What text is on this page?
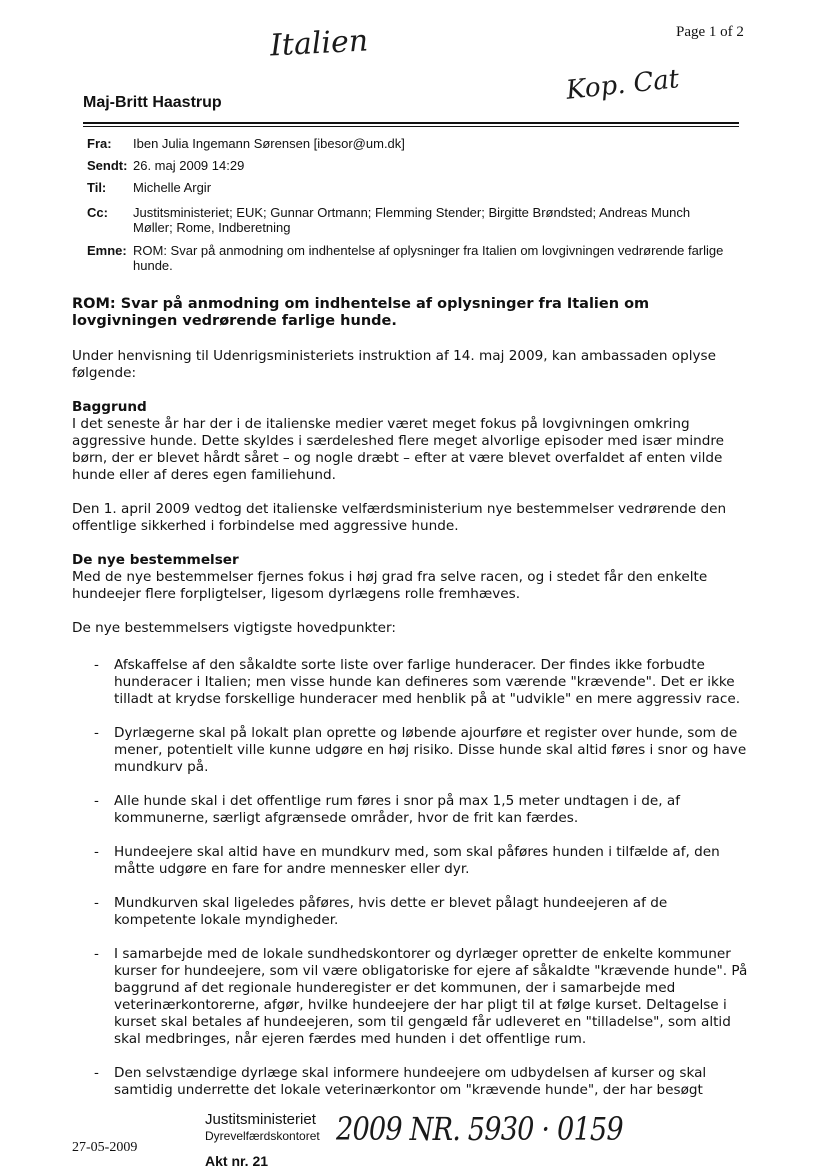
Italien	Page 1 of 2
Kop. Cat
Maj-Britt Haastrup
Fra: Iben Julia Ingemann Sørensen [ibesor@um.dk]
Sendt: 26. maj 2009 14:29
Til: Michelle Argir
Cc: Justitsministeriet; EUK; Gunnar Ortmann; Flemming Stender; Birgitte Brøndsted; Andreas Munch Møller; Rome, Indberetning
Emne: ROM: Svar på anmodning om indhentelse af oplysninger fra Italien om lovgivningen vedrørende farlige hunde.
ROM: Svar på anmodning om indhentelse af oplysninger fra Italien om lovgivningen vedrørende farlige hunde.

Under henvisning til Udenrigsministeriets instruktion af 14. maj 2009, kan ambassaden oplyse følgende:

Baggrund
I det seneste år har der i de italienske medier været meget fokus på lovgivningen omkring aggressive hunde. Dette skyldes i særdeleshed flere meget alvorlige episoder med især mindre børn, der er blevet hårdt såret – og nogle dræbt – efter at være blevet overfaldet af enten vilde hunde eller af deres egen familiehund.

Den 1. april 2009 vedtog det italienske velfærdsministerium nye bestemmelser vedrørende den offentlige sikkerhed i forbindelse med aggressive hunde.

De nye bestemmelser
Med de nye bestemmelser fjernes fokus i høj grad fra selve racen, og i stedet får den enkelte hundeejer flere forpligtelser, ligesom dyrlægens rolle fremhæves.

De nye bestemmelsers vigtigste hovedpunkter:

- Afskaffelse af den såkaldte sorte liste over farlige hunderacer. Der findes ikke forbudte hunderacer i Italien; men visse hunde kan defineres som værende "krævende". Det er ikke tilladt at krydse forskellige hunderacer med henblik på at "udvikle" en mere aggressiv race.
- Dyrlægerne skal på lokalt plan oprette og løbende ajourføre et register over hunde, som de mener, potentielt ville kunne udgøre en høj risiko. Disse hunde skal altid føres i snor og have mundkurv på.
- Alle hunde skal i det offentlige rum føres i snor på max 1,5 meter undtagen i de, af kommunerne, særligt afgrænsede områder, hvor de frit kan færdes.
- Hundeejere skal altid have en mundkurv med, som skal påføres hunden i tilfælde af, den måtte udgøre en fare for andre mennesker eller dyr.
- Mundkurven skal ligeledes påføres, hvis dette er blevet pålagt hundeejeren af de kompetente lokale myndigheder.
- I samarbejde med de lokale sundhedskontorer og dyrlæger opretter de enkelte kommuner kurser for hundeejere, som vil være obligatoriske for ejere af såkaldte "krævende hunde". På baggrund af det regionale hunderegister er det kommunen, der i samarbejde med veterinærkontorerne, afgør, hvilke hundeejere der har pligt til at følge kurset. Deltagelse i kurset skal betales af hundeejeren, som til gengæld får udleveret en "tilladelse", som altid skal medbringes, når ejeren færdes med hunden i det offentlige rum.
- Den selvstændige dyrlæge skal informere hundeejere om udbydelsen af kurser og skal samtidig underrette det lokale veterinærkontor om "krævende hunde", der har besøgt
27-05-2009
Justitsministeriet
Dyrevelfærdskontoret 2009 NR. 5930 · 0159
Akt nr. 21
